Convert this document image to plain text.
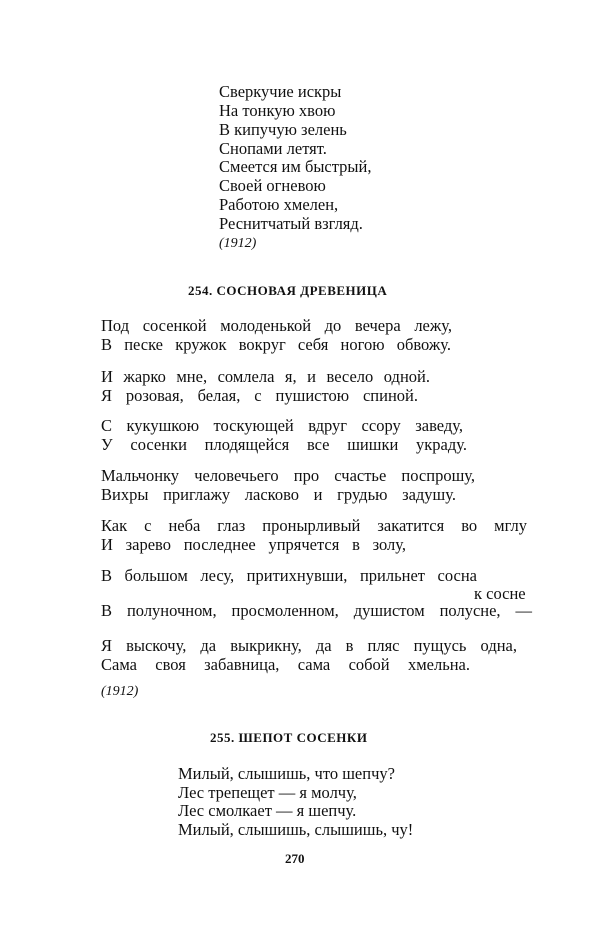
Сверкучие искры
На тонкую хвою
В кипучую зелень
Снопами летят.
Смеется им быстрый,
Своей огневою
Работою хмелен,
Реснитчатый взгляд.
(1912)
254. СОСНОВАЯ ДРЕВЕНИЦА
Под сосенкой молоденькой до вечера лежу,
В песке кружок вокруг себя ногою обвожу.
И жарко мне, сомлела я, и весело одной.
Я розовая, белая, с пушистою спиной.
С кукушкою тоскующей вдруг ссору заведу,
У сосенки плодящейся все шишки украду.
Мальчонку человечьего про счастье поспрошу,
Вихры приглажу ласково и грудью задушу.
Как с неба глаз пронырливый закатится во мглу
И зарево последнее упрячется в золу,
В большом лесу, притихнувши, прильнет сосна
к сосне
В полуночном, просмоленном, душистом полусне, —
Я выскочу, да выкрикну, да в пляс пущусь одна,
Сама своя забавница, сама собой хмельна.
(1912)
255. ШЕПОТ СОСЕНКИ
Милый, слышишь, что шепчу?
Лес трепещет — я молчу,
Лес смолкает — я шепчу.
Милый, слышишь, слышишь, чу!
270
